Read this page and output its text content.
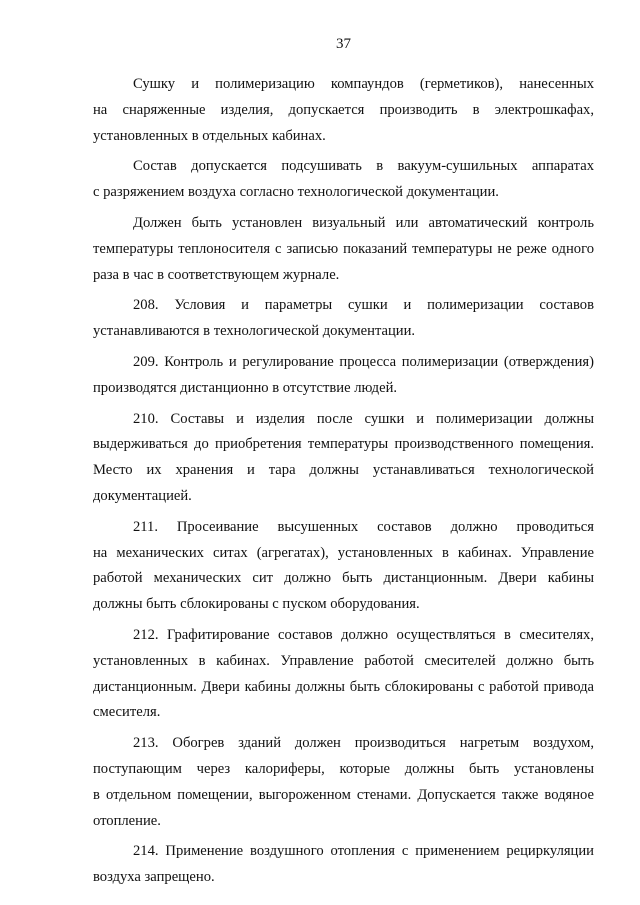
37
Сушку и полимеризацию компаундов (герметиков), нанесенных
на снаряженные изделия, допускается производить в электрошкафах,
установленных в отдельных кабинах.
Состав допускается подсушивать в вакуум-сушильных аппаратах
с разряжением воздуха согласно технологической документации.
Должен быть установлен визуальный или автоматический контроль
температуры теплоносителя с записью показаний температуры не реже одного
раза в час в соответствующем журнале.
208. Условия и параметры сушки и полимеризации составов
устанавливаются в технологической документации.
209. Контроль и регулирование процесса полимеризации (отверждения)
производятся дистанционно в отсутствие людей.
210. Составы и изделия после сушки и полимеризации должны
выдерживаться до приобретения температуры производственного помещения.
Место их хранения и тара должны устанавливаться технологической
документацией.
211. Просеивание высушенных составов должно проводиться
на механических ситах (агрегатах), установленных в кабинах. Управление
работой механических сит должно быть дистанционным. Двери кабины
должны быть сблокированы с пуском оборудования.
212. Графитирование составов должно осуществляться в смесителях,
установленных в кабинах. Управление работой смесителей должно быть
дистанционным. Двери кабины должны быть сблокированы с работой привода
смесителя.
213. Обогрев зданий должен производиться нагретым воздухом,
поступающим через калориферы, которые должны быть установлены
в отдельном помещении, выгороженном стенами. Допускается также водяное
отопление.
214. Применение воздушного отопления с применением рециркуляции
воздуха запрещено.
